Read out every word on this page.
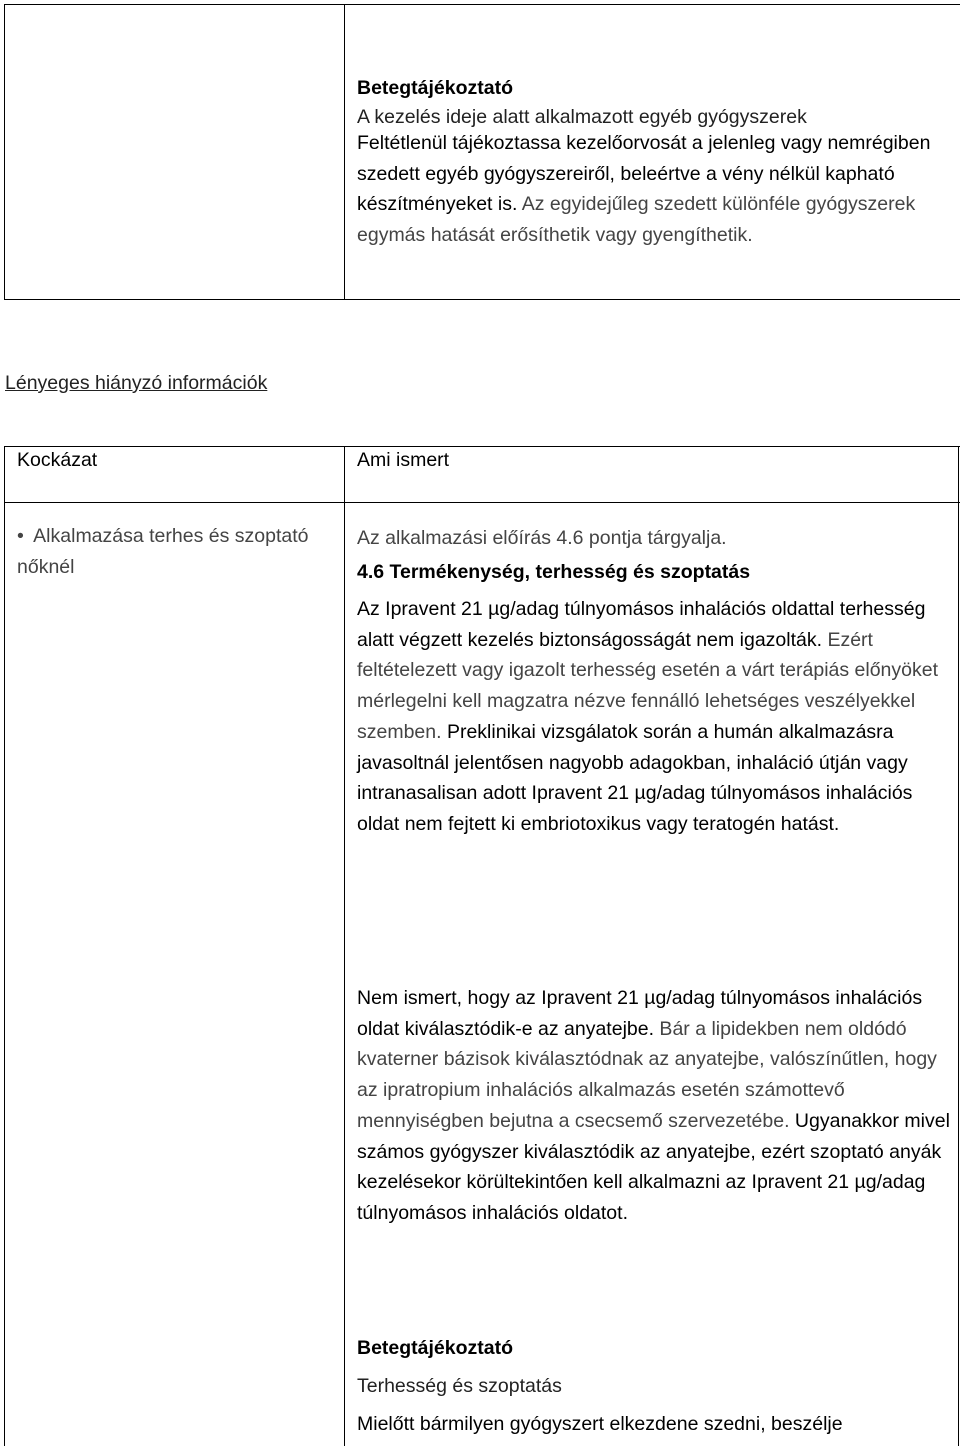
Betegtájékoztató
A kezelés ideje alatt alkalmazott egyéb gyógyszerek
Feltétlenül tájékoztassa kezelőorvosát a jelenleg vagy nemrégiben szedett egyéb gyógyszereiről, beleértve a vény nélkül kapható készítményeket is. Az egyidejűleg szedett különféle gyógyszerek egymás hatását erősíthetik vagy gyengíthetik.
Lényeges hiányzó információk
Kockázat	Ami ismert
• Alkalmazása terhes és szoptató nőknél
Az alkalmazási előírás 4.6 pontja tárgyalja.
4.6 Termékenység, terhesség és szoptatás
Az Ipravent 21 µg/adag túlnyomásos inhalációs oldattal terhesség alatt végzett kezelés biztonságosságát nem igazolták. Ezért feltételezett vagy igazolt terhesség esetén a várt terápiás előnyöket mérlegelni kell magzatra nézve fennálló lehetséges veszélyekkel szemben. Preklinikai vizsgálatok során a humán alkalmazásra javasoltnál jelentősen nagyobb adagokban, inhaláció útján vagy intranasalisan adott Ipravent 21 µg/adag túlnyomásos inhalációs oldat nem fejtett ki embriotoxikus vagy teratogén hatást.
Nem ismert, hogy az Ipravent 21 µg/adag túlnyomásos inhalációs oldat kiválasztódik-e az anyatejbe. Bár a lipidekben nem oldódó kvaterner bázisok kiválasztódnak az anyatejbe, valószínűtlen, hogy az ipratropium inhalációs alkalmazás esetén számottevő mennyiségben bejutna a csecsemő szervezetébe. Ugyanakkor mivel számos gyógyszer kiválasztódik az anyatejbe, ezért szoptató anyák kezelésekor körültekintően kell alkalmazni az Ipravent 21 µg/adag túlnyomásos inhalációs oldatot.
Betegtájékoztató
Terhesség és szoptatás
Mielőtt bármilyen gyógyszert elkezdene szedni, beszélje
